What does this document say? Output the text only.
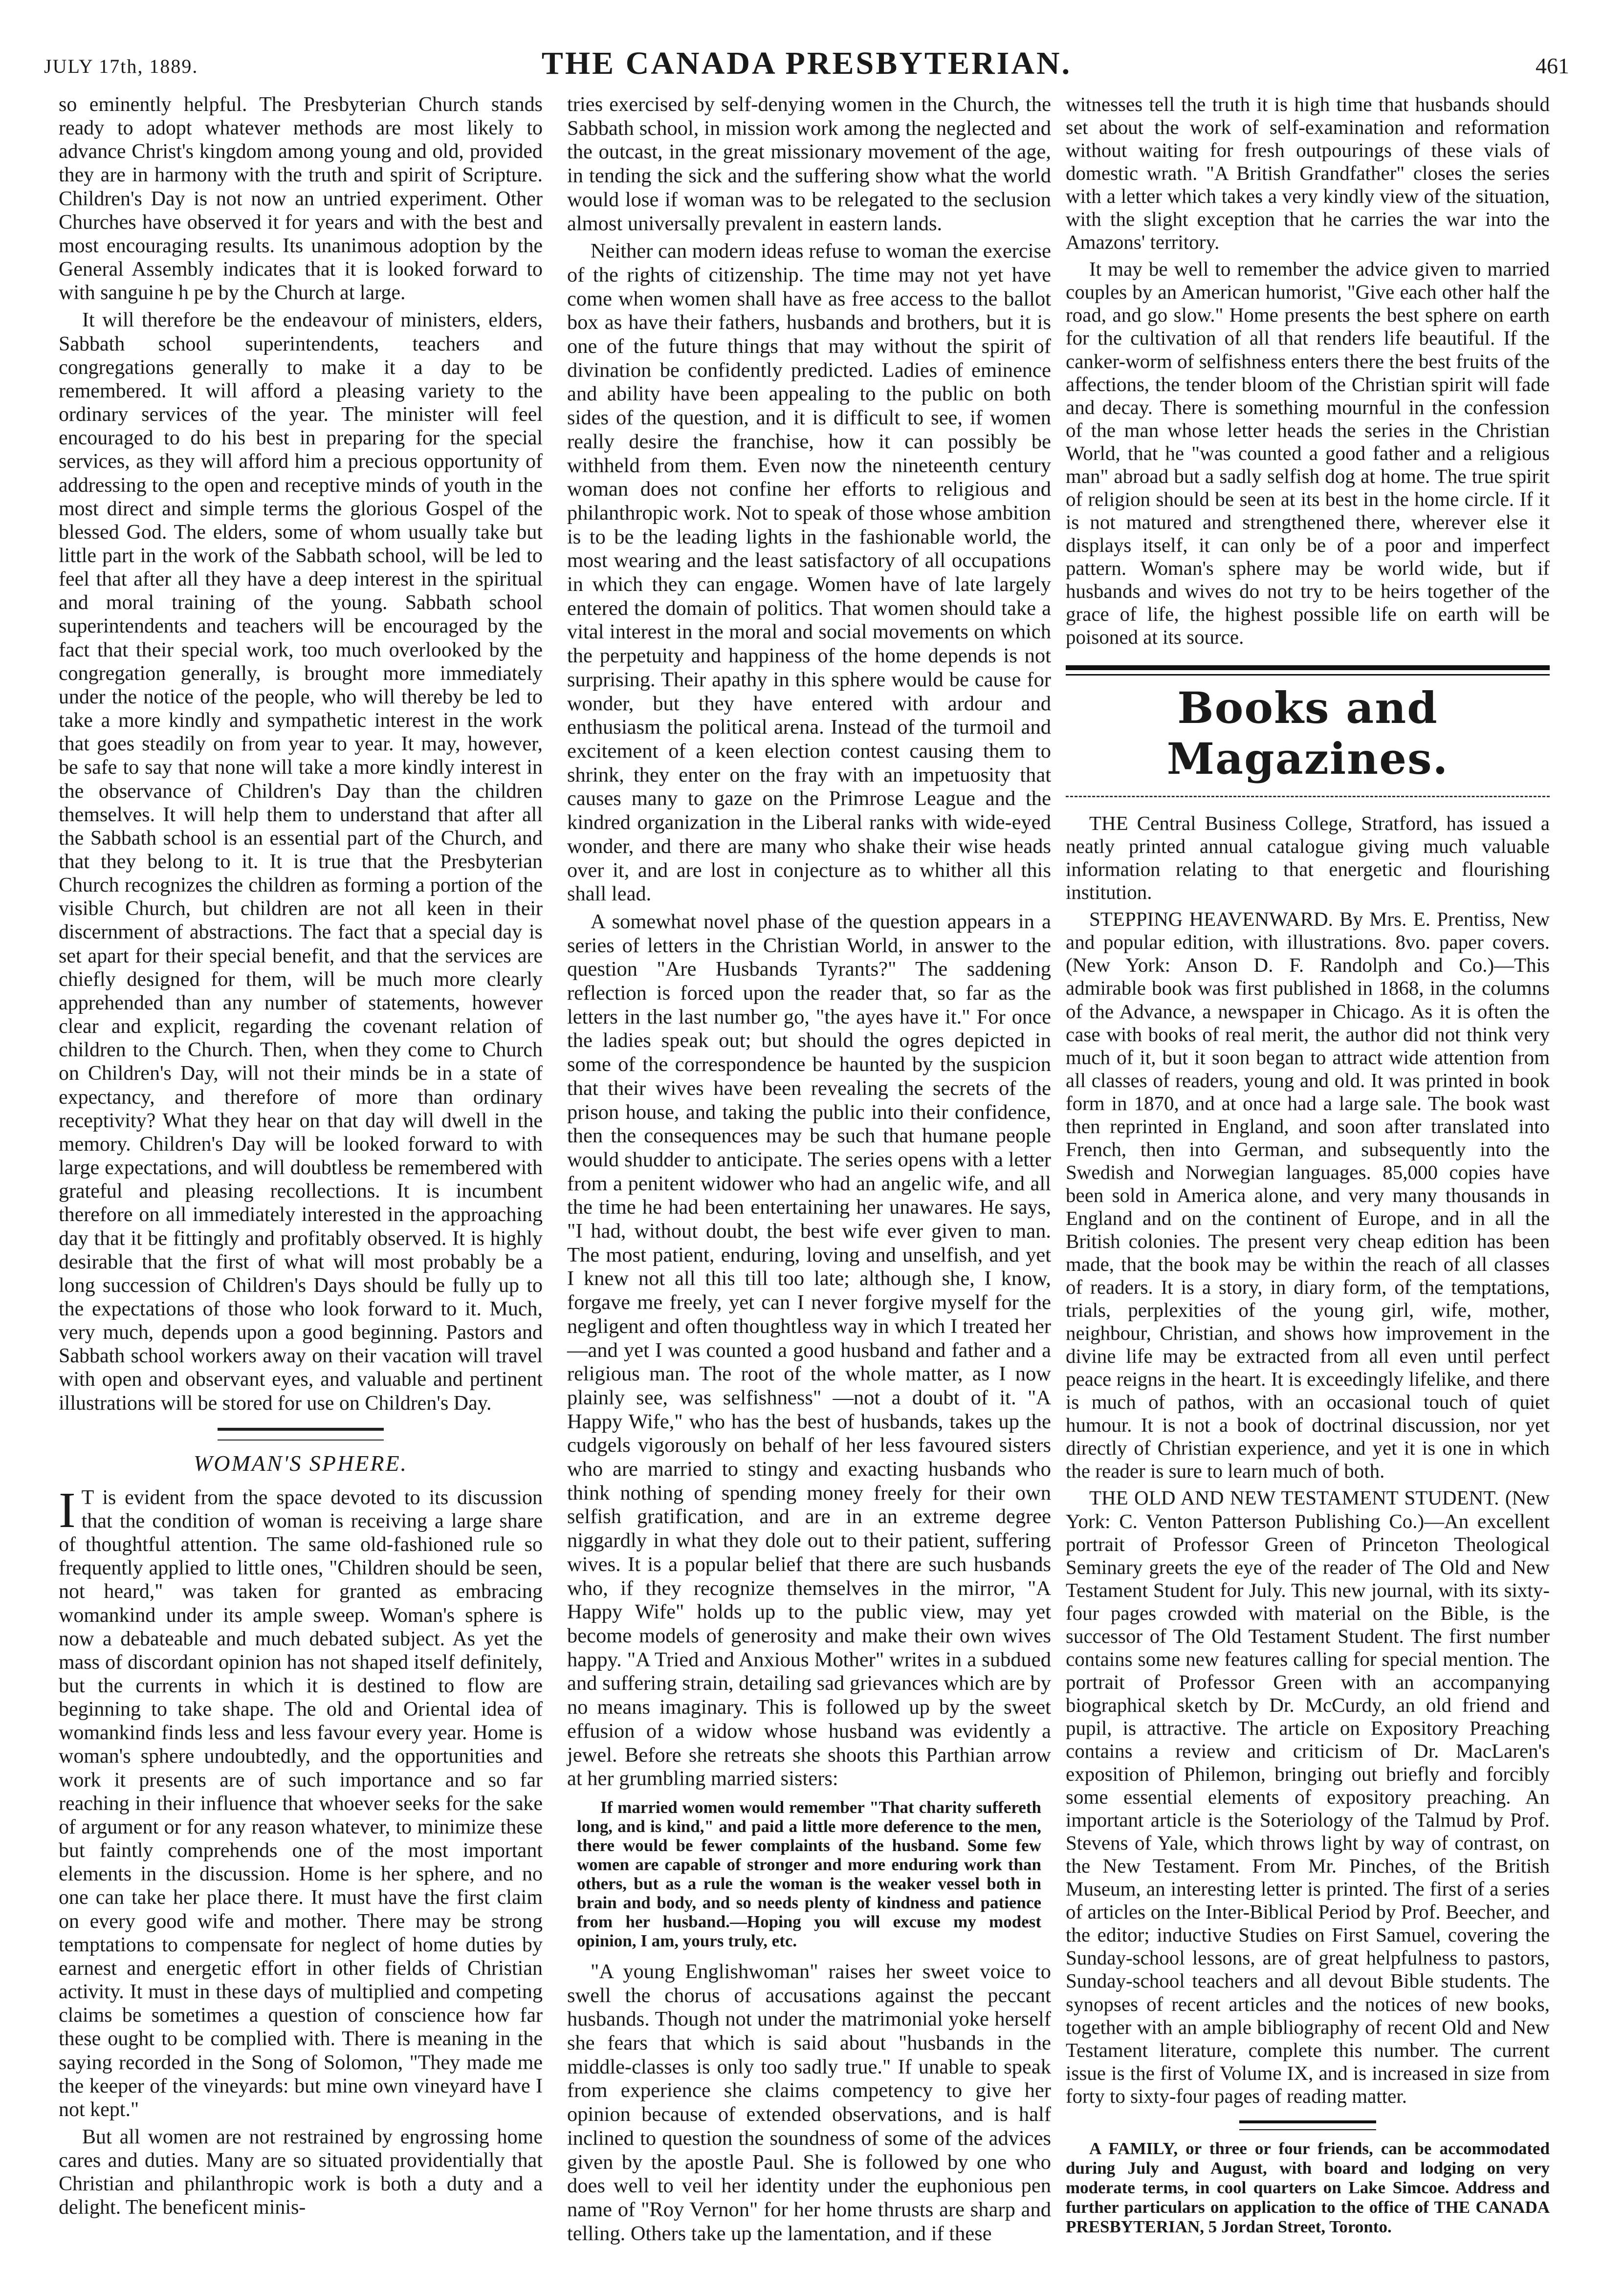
JULY 17th, 1889.	THE CANADA PRESBYTERIAN.	461

so eminently helpful. The Presbyterian Church stands ready to adopt whatever methods are most likely to advance Christ's kingdom among young and old, provided they are in harmony with the truth and spirit of Scripture. Children's Day is not now an untried experiment. Other Churches have observed it for years and with the best and most encouraging results. Its unanimous adoption by the General Assembly indicates that it is looked forward to with sanguine h pe by the Church at large.

It will therefore be the endeavour of ministers, elders, Sabbath school superintendents, teachers and congregations generally to make it a day to be remembered. It will afford a pleasing variety to the ordinary services of the year. The minister will feel encouraged to do his best in preparing for the special services, as they will afford him a precious opportunity of addressing to the open and receptive minds of youth in the most direct and simple terms the glorious Gospel of the blessed God. The elders, some of whom usually take but little part in the work of the Sabbath school, will be led to feel that after all they have a deep interest in the spiritual and moral training of the young. Sabbath school superintendents and teachers will be encouraged by the fact that their special work, too much overlooked by the congregation generally, is brought more immediately under the notice of the people, who will thereby be led to take a more kindly and sympathetic interest in the work that goes steadily on from year to year. It may, however, be safe to say that none will take a more kindly interest in the observance of Children's Day than the children themselves. It will help them to understand that after all the Sabbath school is an essential part of the Church, and that they belong to it. It is true that the Presbyterian Church recognizes the children as forming a portion of the visible Church, but children are not all keen in their discernment of abstractions. The fact that a special day is set apart for their special benefit, and that the services are chiefly designed for them, will be much more clearly apprehended than any number of statements, however clear and explicit, regarding the covenant relation of children to the Church. Then, when they come to Church on Children's Day, will not their minds be in a state of expectancy, and therefore of more than ordinary receptivity? What they hear on that day will dwell in the memory. Children's Day will be looked forward to with large expectations, and will doubtless be remembered with grateful and pleasing recollections. It is incumbent therefore on all immediately interested in the approaching day that it be fittingly and profitably observed. It is highly desirable that the first of what will most probably be a long succession of Children's Days should be fully up to the expectations of those who look forward to it. Much, very much, depends upon a good beginning. Pastors and Sabbath school workers away on their vacation will travel with open and observant eyes, and valuable and pertinent illustrations will be stored for use on Children's Day.

WOMAN'S SPHERE.

I T is evident from the space devoted to its discussion that the condition of woman is receiving a large share of thoughtful attention. The same old-fashioned rule so frequently applied to little ones, "Children should be seen, not heard," was taken for granted as embracing womankind under its ample sweep. Woman's sphere is now a debateable and much debated subject. As yet the mass of discordant opinion has not shaped itself definitely, but the currents in which it is destined to flow are beginning to take shape. The old and Oriental idea of womankind finds less and less favour every year. Home is woman's sphere undoubtedly, and the opportunities and work it presents are of such importance and so far reaching in their influence that whoever seeks for the sake of argument or for any reason whatever, to minimize these but faintly comprehends one of the most important elements in the discussion. Home is her sphere, and no one can take her place there. It must have the first claim on every good wife and mother. There may be strong temptations to compensate for neglect of home duties by earnest and energetic effort in other fields of Christian activity. It must in these days of multiplied and competing claims be sometimes a question of conscience how far these ought to be complied with. There is meaning in the saying recorded in the Song of Solomon, "They made me the keeper of the vineyards: but mine own vineyard have I not kept."

But all women are not restrained by engrossing home cares and duties. Many are so situated providentially that Christian and philanthropic work is both a duty and a delight. The beneficent minis-

tries exercised by self-denying women in the Church, the Sabbath school, in mission work among the neglected and the outcast, in the great missionary movement of the age, in tending the sick and the suffering show what the world would lose if woman was to be relegated to the seclusion almost universally prevalent in eastern lands.

Neither can modern ideas refuse to woman the exercise of the rights of citizenship. The time may not yet have come when women shall have as free access to the ballot box as have their fathers, husbands and brothers, but it is one of the future things that may without the spirit of divination be confidently predicted. Ladies of eminence and ability have been appealing to the public on both sides of the question, and it is difficult to see, if women really desire the franchise, how it can possibly be withheld from them. Even now the nineteenth century woman does not confine her efforts to religious and philanthropic work. Not to speak of those whose ambition is to be the leading lights in the fashionable world, the most wearing and the least satisfactory of all occupations in which they can engage. Women have of late largely entered the domain of politics. That women should take a vital interest in the moral and social movements on which the perpetuity and happiness of the home depends is not surprising. Their apathy in this sphere would be cause for wonder, but they have entered with ardour and enthusiasm the political arena. Instead of the turmoil and excitement of a keen election contest causing them to shrink, they enter on the fray with an impetuosity that causes many to gaze on the Primrose League and the kindred organization in the Liberal ranks with wide-eyed wonder, and there are many who shake their wise heads over it, and are lost in conjecture as to whither all this shall lead.

A somewhat novel phase of the question appears in a series of letters in the Christian World, in answer to the question "Are Husbands Tyrants?" The saddening reflection is forced upon the reader that, so far as the letters in the last number go, "the ayes have it." For once the ladies speak out; but should the ogres depicted in some of the correspondence be haunted by the suspicion that their wives have been revealing the secrets of the prison house, and taking the public into their confidence, then the consequences may be such that humane people would shudder to anticipate. The series opens with a letter from a penitent widower who had an angelic wife, and all the time he had been entertaining her unawares. He says, "I had, without doubt, the best wife ever given to man. The most patient, enduring, loving and unselfish, and yet I knew not all this till too late; although she, I know, forgave me freely, yet can I never forgive myself for the negligent and often thoughtless way in which I treated her—and yet I was counted a good husband and father and a religious man. The root of the whole matter, as I now plainly see, was selfishness" —not a doubt of it. "A Happy Wife," who has the best of husbands, takes up the cudgels vigorously on behalf of her less favoured sisters who are married to stingy and exacting husbands who think nothing of spending money freely for their own selfish gratification, and are in an extreme degree niggardly in what they dole out to their patient, suffering wives. It is a popular belief that there are such husbands who, if they recognize themselves in the mirror, "A Happy Wife" holds up to the public view, may yet become models of generosity and make their own wives happy. "A Tried and Anxious Mother" writes in a subdued and suffering strain, detailing sad grievances which are by no means imaginary. This is followed up by the sweet effusion of a widow whose husband was evidently a jewel. Before she retreats she shoots this Parthian arrow at her grumbling married sisters:

If married women would remember "That charity suffereth long, and is kind," and paid a little more deference to the men, there would be fewer complaints of the husband. Some few women are capable of stronger and more enduring work than others, but as a rule the woman is the weaker vessel both in brain and body, and so needs plenty of kindness and patience from her husband.—Hoping you will excuse my modest opinion, I am, yours truly, etc.

"A young Englishwoman" raises her sweet voice to swell the chorus of accusations against the peccant husbands. Though not under the matrimonial yoke herself she fears that which is said about "husbands in the middle-classes is only too sadly true." If unable to speak from experience she claims competency to give her opinion because of extended observations, and is half inclined to question the soundness of some of the advices given by the apostle Paul. She is followed by one who does well to veil her identity under the euphonious pen name of "Roy Vernon" for her home thrusts are sharp and telling. Others take up the lamentation, and if these

witnesses tell the truth it is high time that husbands should set about the work of self-examination and reformation without waiting for fresh outpourings of these vials of domestic wrath. "A British Grandfather" closes the series with a letter which takes a very kindly view of the situation, with the slight exception that he carries the war into the Amazons' territory.

It may be well to remember the advice given to married couples by an American humorist, "Give each other half the road, and go slow." Home presents the best sphere on earth for the cultivation of all that renders life beautiful. If the canker-worm of selfishness enters there the best fruits of the affections, the tender bloom of the Christian spirit will fade and decay. There is something mournful in the confession of the man whose letter heads the series in the Christian World, that he "was counted a good father and a religious man" abroad but a sadly selfish dog at home. The true spirit of religion should be seen at its best in the home circle. If it is not matured and strengthened there, wherever else it displays itself, it can only be of a poor and imperfect pattern. Woman's sphere may be world wide, but if husbands and wives do not try to be heirs together of the grace of life, the highest possible life on earth will be poisoned at its source.

Books and Magazines.

THE Central Business College, Stratford, has issued a neatly printed annual catalogue giving much valuable information relating to that energetic and flourishing institution.

STEPPING HEAVENWARD. By Mrs. E. Prentiss, New and popular edition, with illustrations. 8vo. paper covers. (New York: Anson D. F. Randolph and Co.)—This admirable book was first published in 1868, in the columns of the Advance, a newspaper in Chicago. As it is often the case with books of real merit, the author did not think very much of it, but it soon began to attract wide attention from all classes of readers, young and old. It was printed in book form in 1870, and at once had a large sale. The book wast then reprinted in England, and soon after translated into French, then into German, and subsequently into the Swedish and Norwegian languages. 85,000 copies have been sold in America alone, and very many thousands in England and on the continent of Europe, and in all the British colonies. The present very cheap edition has been made, that the book may be within the reach of all classes of readers. It is a story, in diary form, of the temptations, trials, perplexities of the young girl, wife, mother, neighbour, Christian, and shows how improvement in the divine life may be extracted from all even until perfect peace reigns in the heart. It is exceedingly lifelike, and there is much of pathos, with an occasional touch of quiet humour. It is not a book of doctrinal discussion, nor yet directly of Christian experience, and yet it is one in which the reader is sure to learn much of both.

THE OLD AND NEW TESTAMENT STUDENT. (New York: C. Venton Patterson Publishing Co.)—An excellent portrait of Professor Green of Princeton Theological Seminary greets the eye of the reader of The Old and New Testament Student for July. This new journal, with its sixty-four pages crowded with material on the Bible, is the successor of The Old Testament Student. The first number contains some new features calling for special mention. The portrait of Professor Green with an accompanying biographical sketch by Dr. McCurdy, an old friend and pupil, is attractive. The article on Expository Preaching contains a review and criticism of Dr. MacLaren's exposition of Philemon, bringing out briefly and forcibly some essential elements of expository preaching. An important article is the Soteriology of the Talmud by Prof. Stevens of Yale, which throws light by way of contrast, on the New Testament. From Mr. Pinches, of the British Museum, an interesting letter is printed. The first of a series of articles on the Inter-Biblical Period by Prof. Beecher, and the editor; inductive Studies on First Samuel, covering the Sunday-school lessons, are of great helpfulness to pastors, Sunday-school teachers and all devout Bible students. The synopses of recent articles and the notices of new books, together with an ample bibliography of recent Old and New Testament literature, complete this number. The current issue is the first of Volume IX, and is increased in size from forty to sixty-four pages of reading matter.

A FAMILY, or three or four friends, can be accommodated during July and August, with board and lodging on very moderate terms, in cool quarters on Lake Simcoe. Address and further particulars on application to the office of THE CANADA PRESBYTERIAN, 5 Jordan Street, Toronto.
